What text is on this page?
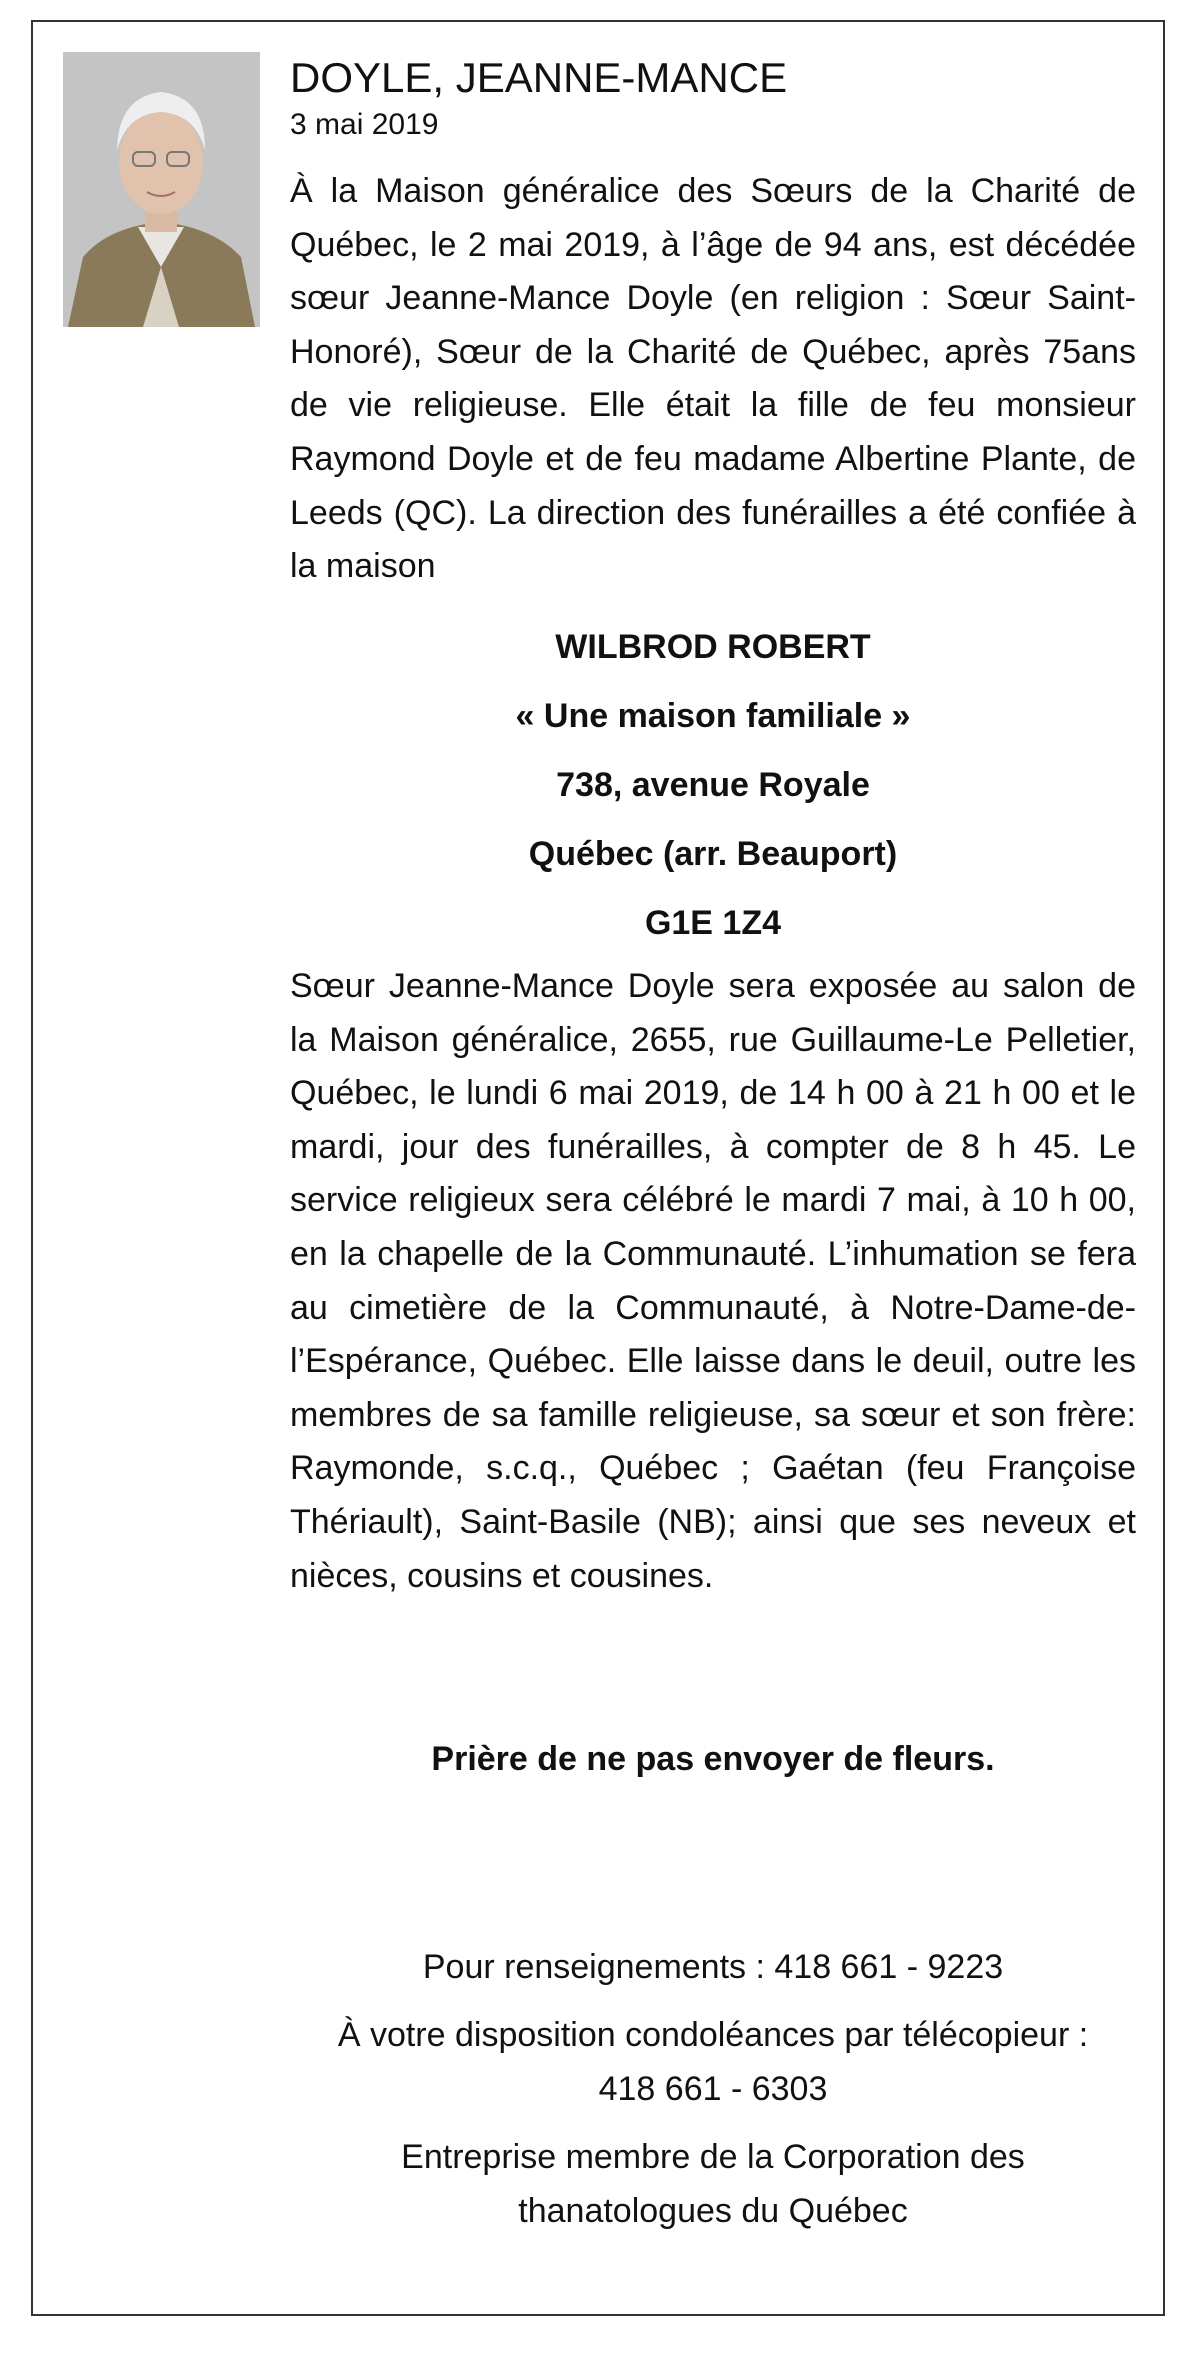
DOYLE, JEANNE-MANCE
3 mai 2019
À la Maison généralice des Sœurs de la Charité de Québec, le 2 mai 2019, à l’âge de 94 ans, est décédée sœur Jeanne-Mance Doyle (en religion : Sœur Saint-Honoré), Sœur de la Charité de Québec, après 75ans de vie religieuse. Elle était la fille de feu monsieur Raymond Doyle et de feu madame Albertine Plante, de Leeds (QC). La direction des funérailles a été confiée à la maison
WILBROD ROBERT
« Une maison familiale »
738, avenue Royale
Québec (arr. Beauport)
G1E 1Z4
Sœur Jeanne-Mance Doyle sera exposée au salon de la Maison généralice, 2655, rue Guillaume-Le Pelletier, Québec, le lundi 6 mai 2019, de 14 h 00 à 21 h 00 et le mardi, jour des funérailles, à compter de 8 h 45. Le service religieux sera célébré le mardi 7 mai, à 10 h 00, en la chapelle de la Communauté. L’inhumation se fera au cimetière de la Communauté, à Notre-Dame-de-l’Espérance, Québec. Elle laisse dans le deuil, outre les membres de sa famille religieuse, sa sœur et son frère: Raymonde, s.c.q., Québec ; Gaétan (feu Françoise Thériault), Saint-Basile (NB); ainsi que ses neveux et nièces, cousins et cousines.
Prière de ne pas envoyer de fleurs.
Pour renseignements : 418 661 - 9223
À votre disposition condoléances par télécopieur :
418 661 - 6303
Entreprise membre de la Corporation des
thanatologues du Québec
